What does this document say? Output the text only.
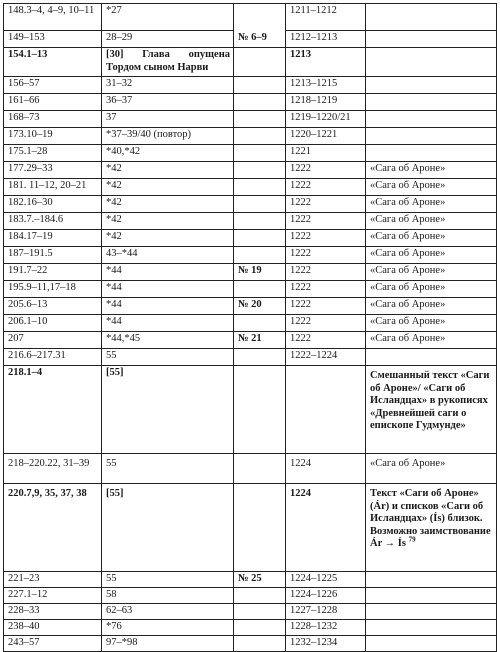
148.3–4, 4–9, 10–11	*27		1211–1212	
149–153	28–29	№ 6–9	1212–1213	
154.1–13	[30] Глава опущена Тордом сыном Нарви		1213	
156–57	31–32		1213–1215	
161–66	36–37		1218–1219	
168–73	37		1219–1220/21	
173.10–19	*37–39/40 (повтор)		1220–1221	
175.1–28	*40,*42		1221	
177.29–33	*42		1222	«Сага об Ароне»
181. 11–12, 20–21	*42		1222	«Сага об Ароне»
182.16–30	*42		1222	«Сага об Ароне»
183.7.–184.6	*42		1222	«Сага об Ароне»
184.17–19	*42		1222	«Сага об Ароне»
187–191.5	43–*44		1222	«Сага об Ароне»
191.7–22	*44	№ 19	1222	«Сага об Ароне»
195.9–11,17–18	*44		1222	«Сага об Ароне»
205.6–13	*44	№ 20	1222	«Сага об Ароне»
206.1–10	*44		1222	«Сага об Ароне»
207	*44,*45	№ 21	1222	«Сага об Ароне»
216.6–217.31	55		1222–1224	
218.1–4	[55]			Смешанный текст «Саги об Ароне»/ «Саги об Исландцах» в рукописях «Древнейшей саги о епископе Гудмунде»
218–220.22, 31–39	55		1224	«Сага об Ароне»
220.7,9, 35, 37, 38	[55]		1224	Текст «Саги об Ароне» (Ár) и списков «Саги об Исландцах» (Ís) близок. Возможно заимствование
Ár → Ís $^{79}$
221–23	55	№ 25	1224–1225	
227.1–12	58		1224–1226	
228–33	62–63		1227–1228	
238–40	*76		1228–1232	
243–57	97–*98		1232–1234	
